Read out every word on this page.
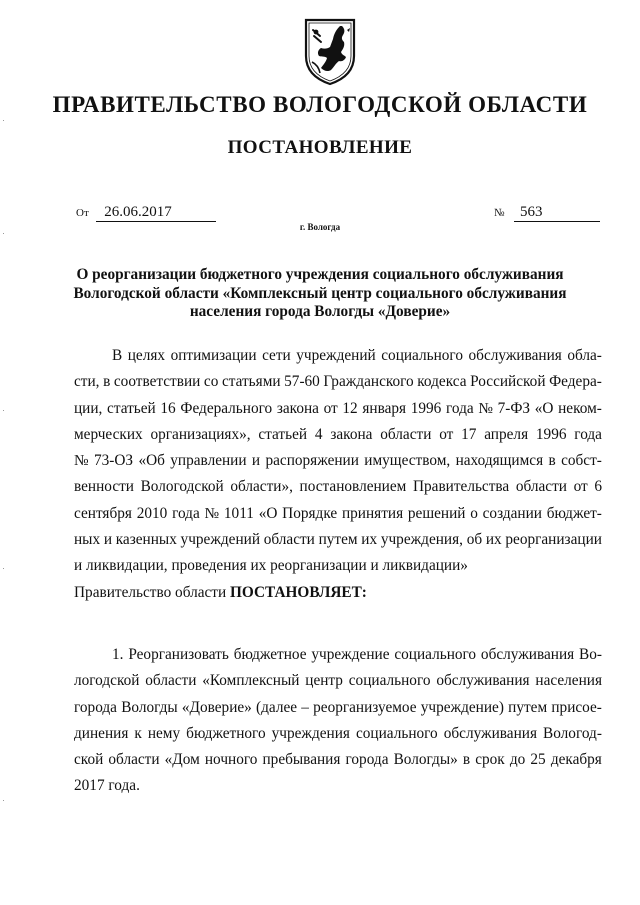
ПРАВИТЕЛЬСТВО ВОЛОГОДСКОЙ ОБЛАСТИ
ПОСТАНОВЛЕНИЕ
От 26.06.2017	№ 563
г. Вологда
О реорганизации бюджетного учреждения социального обслуживания
Вологодской области «Комплексный центр социального обслуживания
населения города Вологды «Доверие»
В целях оптимизации сети учреждений социального обслуживания обла-
сти, в соответствии со статьями 57-60 Гражданского кодекса Российской Федера-
ции, статьей 16 Федерального закона от 12 января 1996 года № 7-ФЗ «О неком-
мерческих организациях», статьей 4 закона области от 17 апреля 1996 года
№ 73-ОЗ «Об управлении и распоряжении имуществом, находящимся в собст-
венности Вологодской области», постановлением Правительства области от 6
сентября 2010 года № 1011 «О Порядке принятия решений о создании бюджет-
ных и казенных учреждений области путем их учреждения, об их реорганизации
и ликвидации, проведения их реорганизации и ликвидации»
Правительство области ПОСТАНОВЛЯЕТ:
1. Реорганизовать бюджетное учреждение социального обслуживания Во-
логодской области «Комплексный центр социального обслуживания населения
города Вологды «Доверие» (далее – реорганизуемое учреждение) путем присое-
динения к нему бюджетного учреждения социального обслуживания Вологод-
ской области «Дом ночного пребывания города Вологды» в срок до 25 декабря
2017 года.
